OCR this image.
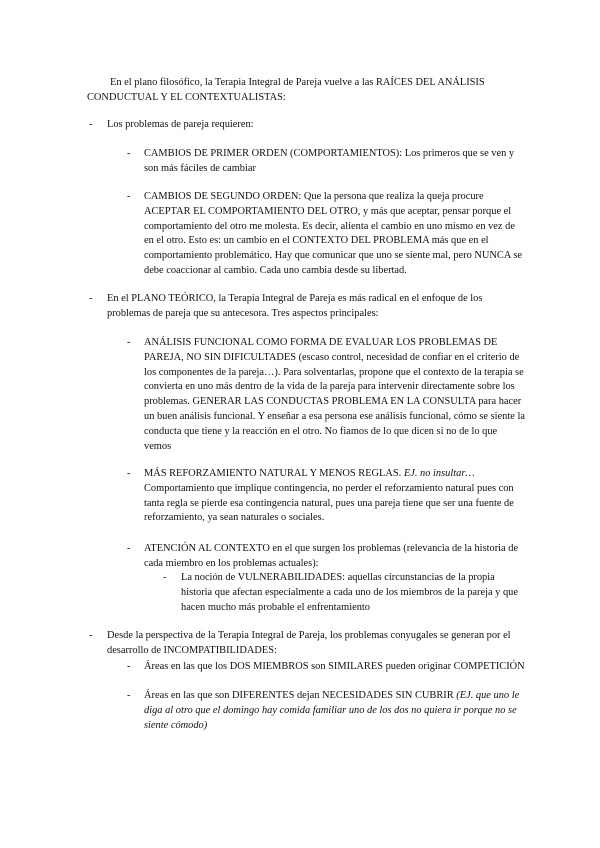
En el plano filosófico, la Terapia Integral de Pareja vuelve a las RAÍCES DEL ANÁLISIS CONDUCTUAL Y EL CONTEXTUALISTAS:

- Los problemas de pareja requieren:

- CAMBIOS DE PRIMER ORDEN (COMPORTAMIENTOS): Los primeros que se ven y son más fáciles de cambiar

- CAMBIOS DE SEGUNDO ORDEN: Que la persona que realiza la queja procure ACEPTAR EL COMPORTAMIENTO DEL OTRO, y más que aceptar, pensar porque el comportamiento del otro me molesta. Es decir, alienta el cambio en uno mismo en vez de en el otro. Esto es: un cambio en el CONTEXTO DEL PROBLEMA más que en el comportamiento problemático. Hay que comunicar que uno se siente mal, pero NUNCA se debe coaccionar al cambio. Cada uno cambia desde su libertad.

- En el PLANO TEÓRICO, la Terapia Integral de Pareja es más radical en el enfoque de los problemas de pareja que su antecesora. Tres aspectos principales:

- ANÁLISIS FUNCIONAL COMO FORMA DE EVALUAR LOS PROBLEMAS DE PAREJA, NO SIN DIFICULTADES (escaso control, necesidad de confiar en el criterio de los componentes de la pareja…). Para solventarlas, propone que el contexto de la terapia se convierta en uno más dentro de la vida de la pareja para intervenir directamente sobre los problemas. GENERAR LAS CONDUCTAS PROBLEMA EN LA CONSULTA para hacer un buen análisis funcional. Y enseñar a esa persona ese análisis funcional, cómo se siente la conducta que tiene y la reacción en el otro. No fiamos de lo que dicen si no de lo que vemos

- MÁS REFORZAMIENTO NATURAL Y MENOS REGLAS. EJ. no insultar… Comportamiento que implique contingencia, no perder el reforzamiento natural pues con tanta regla se pierde esa contingencia natural, pues una pareja tiene que ser una fuente de reforzamiento, ya sean naturales o sociales.

- ATENCIÓN AL CONTEXTO en el que surgen los problemas (relevancia de la historia de cada miembro en los problemas actuales):

- La noción de VULNERABILIDADES: aquellas circunstancias de la propia historia que afectan especialmente a cada uno de los miembros de la pareja y que hacen mucho más probable el enfrentamiento

- Desde la perspectiva de la Terapia Integral de Pareja, los problemas conyugales se generan por el desarrollo de INCOMPATIBILIDADES:

- Áreas en las que los DOS MIEMBROS son SIMILARES pueden originar COMPETICIÓN

- Áreas en las que son DIFERENTES dejan NECESIDADES SIN CUBRIR (EJ. que uno le diga al otro que el domingo hay comida familiar uno de los dos no quiera ir porque no se siente cómodo)
